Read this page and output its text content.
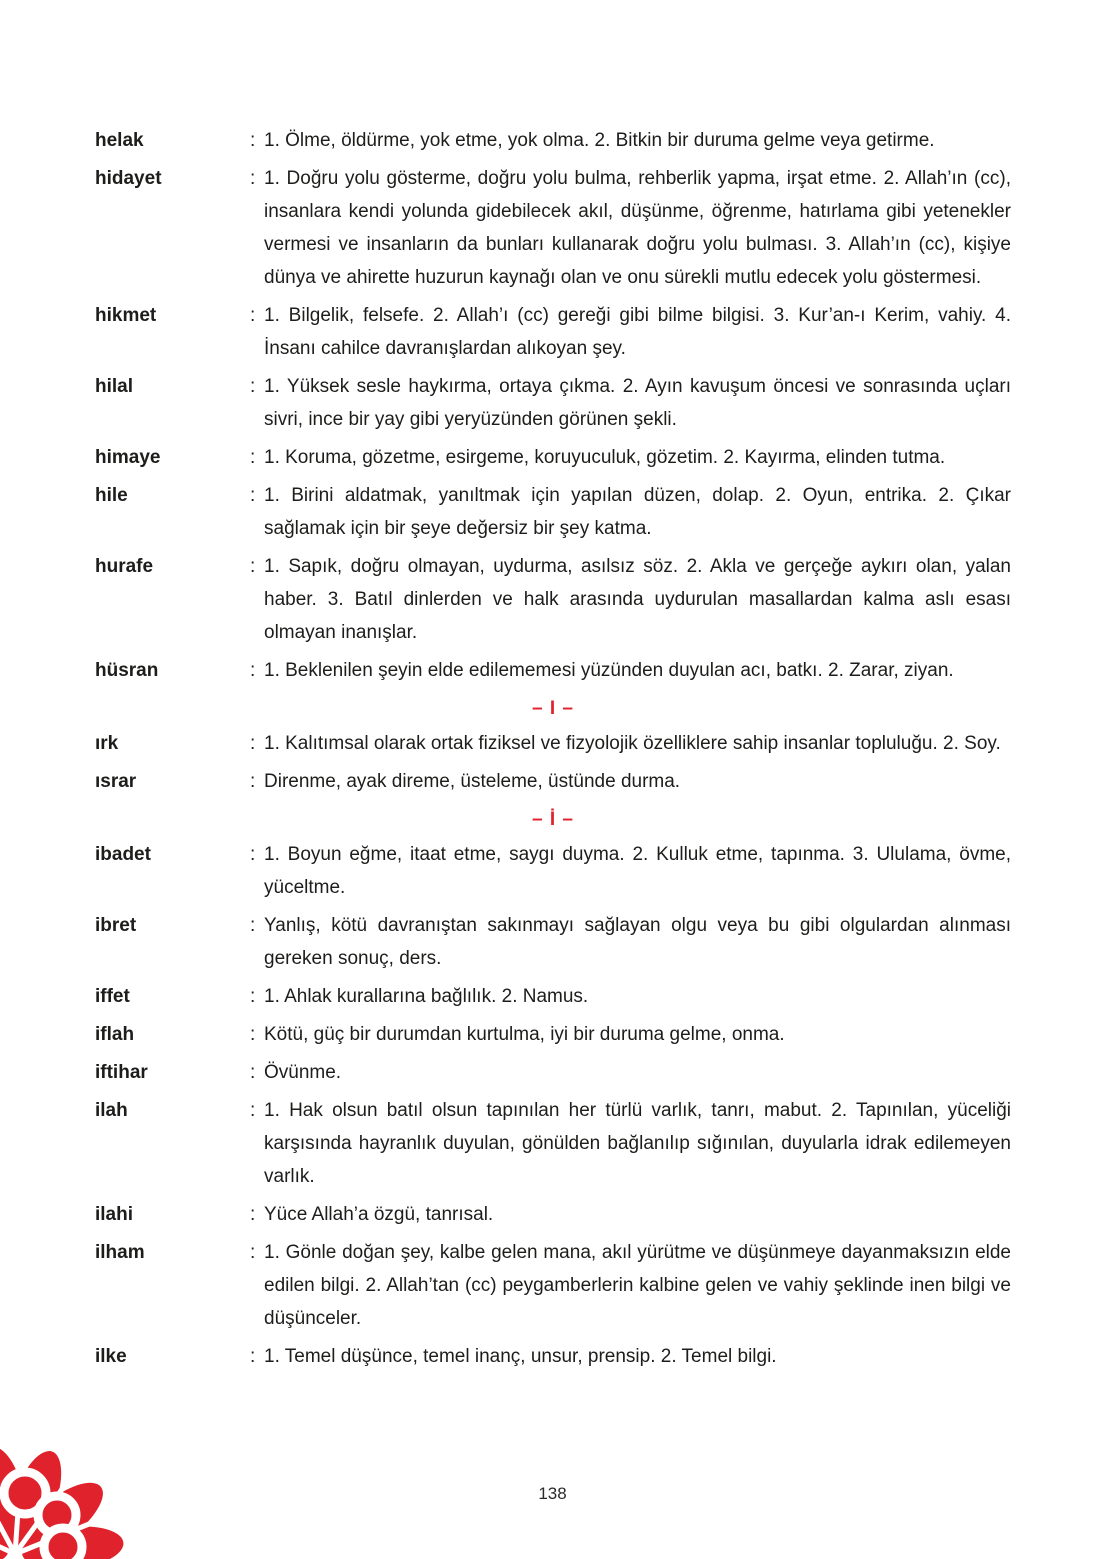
helak	: 1. Ölme, öldürme, yok etme, yok olma. 2. Bitkin bir duruma gelme veya getirme.
hidayet	: 1. Doğru yolu gösterme, doğru yolu bulma, rehberlik yapma, irşat etme. 2. Allah’ın (cc), insanlara kendi yolunda gidebilecek akıl, düşünme, öğrenme, hatırlama gibi yetenekler vermesi ve insanların da bunları kullanarak doğru yolu bulması. 3. Allah’ın (cc), kişiye dünya ve ahirette huzurun kaynağı olan ve onu sürekli mutlu edecek yolu göstermesi.
hikmet	: 1. Bilgelik, felsefe. 2. Allah’ı (cc) gereği gibi bilme bilgisi. 3. Kur’an-ı Kerim, vahiy. 4. İnsanı cahilce davranışlardan alıkoyan şey.
hilal	: 1. Yüksek sesle haykırma, ortaya çıkma. 2. Ayın kavuşum öncesi ve sonrasında uçları sivri, ince bir yay gibi yeryüzünden görünen şekli.
himaye	: 1. Koruma, gözetme, esirgeme, koruyuculuk, gözetim. 2. Kayırma, elinden tutma.
hile	: 1. Birini aldatmak, yanıltmak için yapılan düzen, dolap. 2. Oyun, entrika. 2. Çıkar sağlamak için bir şeye değersiz bir şey katma.
hurafe	: 1. Sapık, doğru olmayan, uydurma, asılsız söz. 2. Akla ve gerçeğe aykırı olan, yalan haber. 3. Batıl dinlerden ve halk arasında uydurulan masallardan kalma aslı esası olmayan inanışlar.
hüsran	: 1. Beklenilen şeyin elde edilememesi yüzünden duyulan acı, batkı. 2. Zarar, ziyan.
– I –
ırk	: 1. Kalıtımsal olarak ortak fiziksel ve fizyolojik özelliklere sahip insanlar topluluğu. 2. Soy.
ısrar	: Direnme, ayak direme, üsteleme, üstünde durma.
– İ –
ibadet	: 1. Boyun eğme, itaat etme, saygı duyma. 2. Kulluk etme, tapınma. 3. Ululama, övme, yüceltme.
ibret	: Yanlış, kötü davranıştan sakınmayı sağlayan olgu veya bu gibi olgulardan alınması gereken sonuç, ders.
iffet	: 1. Ahlak kurallarına bağlılık. 2. Namus.
iflah	: Kötü, güç bir durumdan kurtulma, iyi bir duruma gelme, onma.
iftihar	: Övünme.
ilah	: 1. Hak olsun batıl olsun tapınılan her türlü varlık, tanrı, mabut. 2. Tapınılan, yüceliği karşısında hayranlık duyulan, gönülden bağlanılıp sığınılan, duyularla idrak edilemeyen varlık.
ilahi	: Yüce Allah’a özgü, tanrısal.
ilham	: 1. Gönle doğan şey, kalbe gelen mana, akıl yürütme ve düşünmeye dayanmaksızın elde edilen bilgi. 2. Allah’tan (cc) peygamberlerin kalbine gelen ve vahiy şeklinde inen bilgi ve düşünceler.
ilke	: 1. Temel düşünce, temel inanç, unsur, prensip. 2. Temel bilgi.
138
